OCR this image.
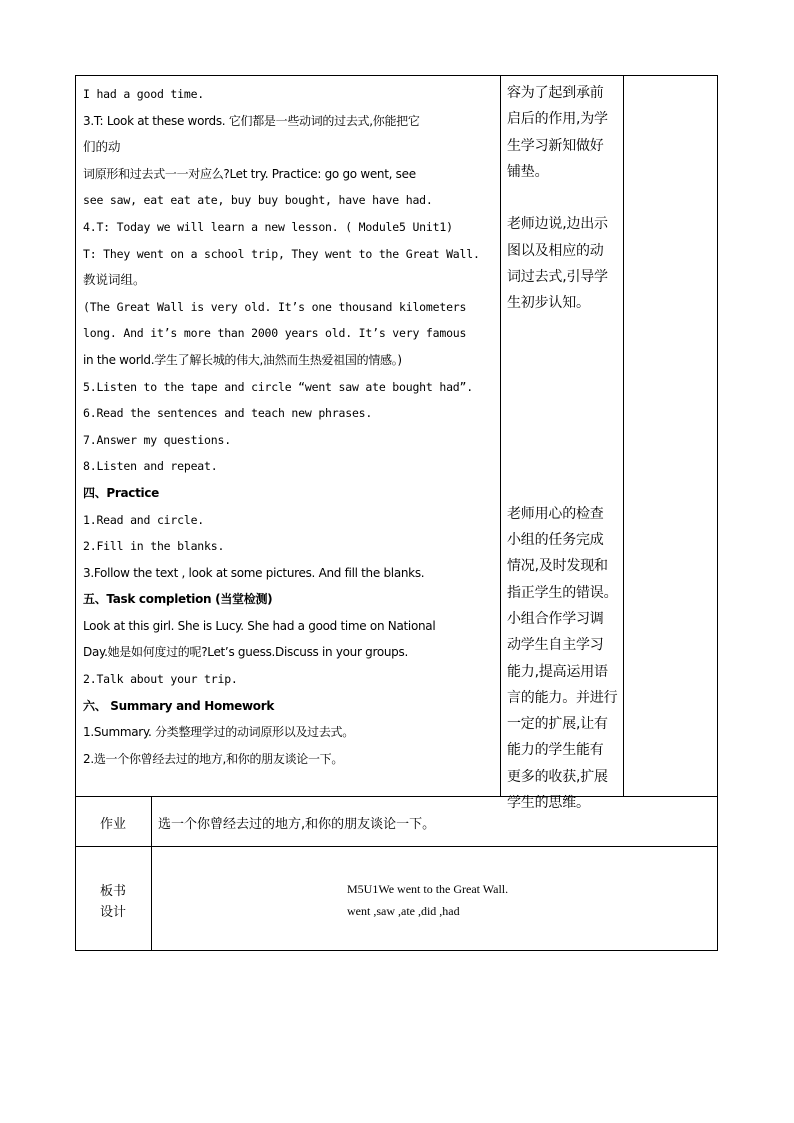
I had a good time.
3.T: Look at these words. 它们都是一些动词的过去式,你能把它
们的动
词原形和过去式一一对应么?Let try. Practice: go go went, see
see saw, eat eat ate, buy buy bought, have have had.
4.T: Today we will learn a new lesson. ( Module5 Unit1)
T: They went on a school trip, They went to the Great Wall.
教说词组。
(The Great Wall is very old. It’s one thousand kilometers
long. And it’s more than 2000 years old. It’s very famous
in the world.学生了解长城的伟大,油然而生热爱祖国的情感。)
5.Listen to the tape and circle “went saw ate bought had”.
6.Read the sentences and teach new phrases.
7.Answer my questions.
8.Listen and repeat.
四、Practice
1.Read and circle.
2.Fill in the blanks.
3.Follow the text , look at some pictures. And fill the blanks.
五、Task completion (当堂检测)
Look at this girl. She is Lucy. She had a good time on National
Day.她是如何度过的呢?Let’s guess.Discuss in your groups.
2.Talk about your trip.
六、 Summary and Homework
1.Summary. 分类整理学过的动词原形以及过去式。
2.选一个你曾经去过的地方,和你的朋友谈论一下。
容为了起到承前
启后的作用,为学
生学习新知做好
铺垫。
老师边说,边出示
图以及相应的动
词过去式,引导学
生初步认知。
老师用心的检查
小组的任务完成
情况,及时发现和
指正学生的错误。
小组合作学习调
动学生自主学习
能力,提高运用语
言的能力。并进行
一定的扩展,让有
能力的学生能有
更多的收获,扩展
学生的思维。
作业	选一个你曾经去过的地方,和你的朋友谈论一下。
板书
设计
M5U1We went to the Great Wall.
went ,saw ,ate ,did ,had
